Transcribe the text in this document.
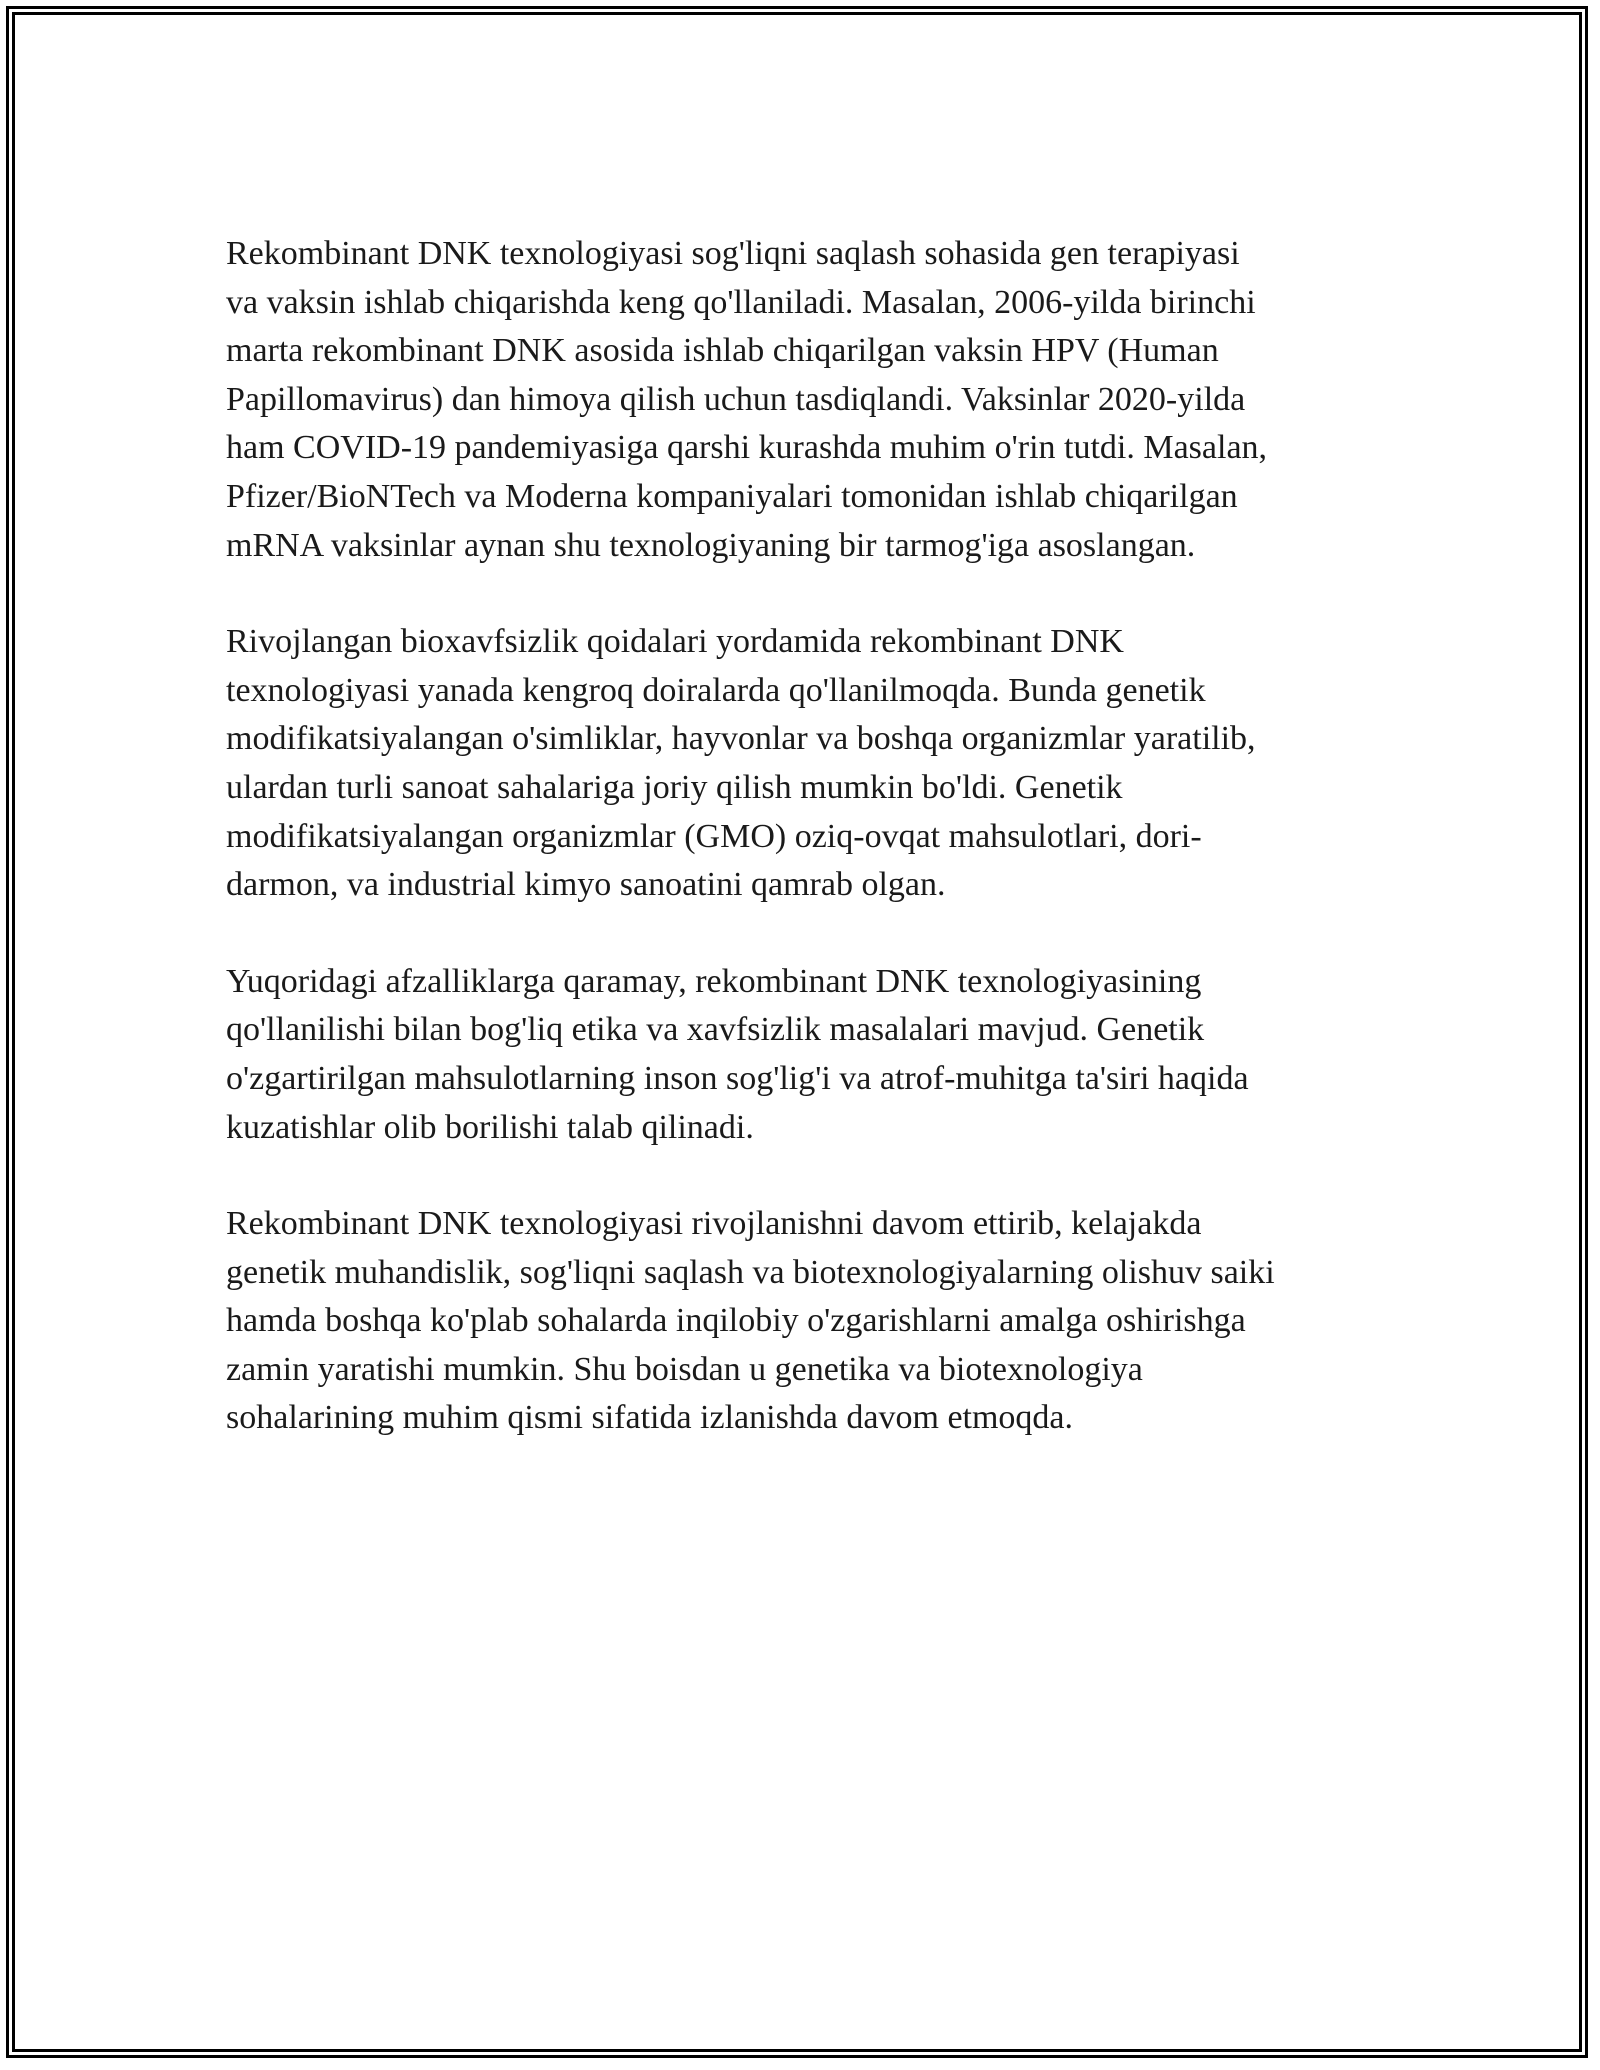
Rekombinant DNK texnologiyasi sog'liqni saqlash sohasida gen terapiyasi
va vaksin ishlab chiqarishda keng qo'llaniladi. Masalan, 2006-yilda birinchi
marta rekombinant DNK asosida ishlab chiqarilgan vaksin HPV (Human
Papillomavirus) dan himoya qilish uchun tasdiqlandi. Vaksinlar 2020-yilda
ham COVID-19 pandemiyasiga qarshi kurashda muhim o'rin tutdi. Masalan,
Pfizer/BioNTech va Moderna kompaniyalari tomonidan ishlab chiqarilgan
mRNA vaksinlar aynan shu texnologiyaning bir tarmog'iga asoslangan.

Rivojlangan bioxavfsizlik qoidalari yordamida rekombinant DNK
texnologiyasi yanada kengroq doiralarda qo'llanilmoqda. Bunda genetik
modifikatsiyalangan o'simliklar, hayvonlar va boshqa organizmlar yaratilib,
ulardan turli sanoat sahalariga joriy qilish mumkin bo'ldi. Genetik
modifikatsiyalangan organizmlar (GMO) oziq-ovqat mahsulotlari, dori-
darmon, va industrial kimyo sanoatini qamrab olgan.

Yuqoridagi afzalliklarga qaramay, rekombinant DNK texnologiyasining
qo'llanilishi bilan bog'liq etika va xavfsizlik masalalari mavjud. Genetik
o'zgartirilgan mahsulotlarning inson sog'lig'i va atrof-muhitga ta'siri haqida
kuzatishlar olib borilishi talab qilinadi.

Rekombinant DNK texnologiyasi rivojlanishni davom ettirib, kelajakda
genetik muhandislik, sog'liqni saqlash va biotexnologiyalarning olishuv saiki
hamda boshqa ko'plab sohalarda inqilobiy o'zgarishlarni amalga oshirishga
zamin yaratishi mumkin. Shu boisdan u genetika va biotexnologiya
sohalarining muhim qismi sifatida izlanishda davom etmoqda.
